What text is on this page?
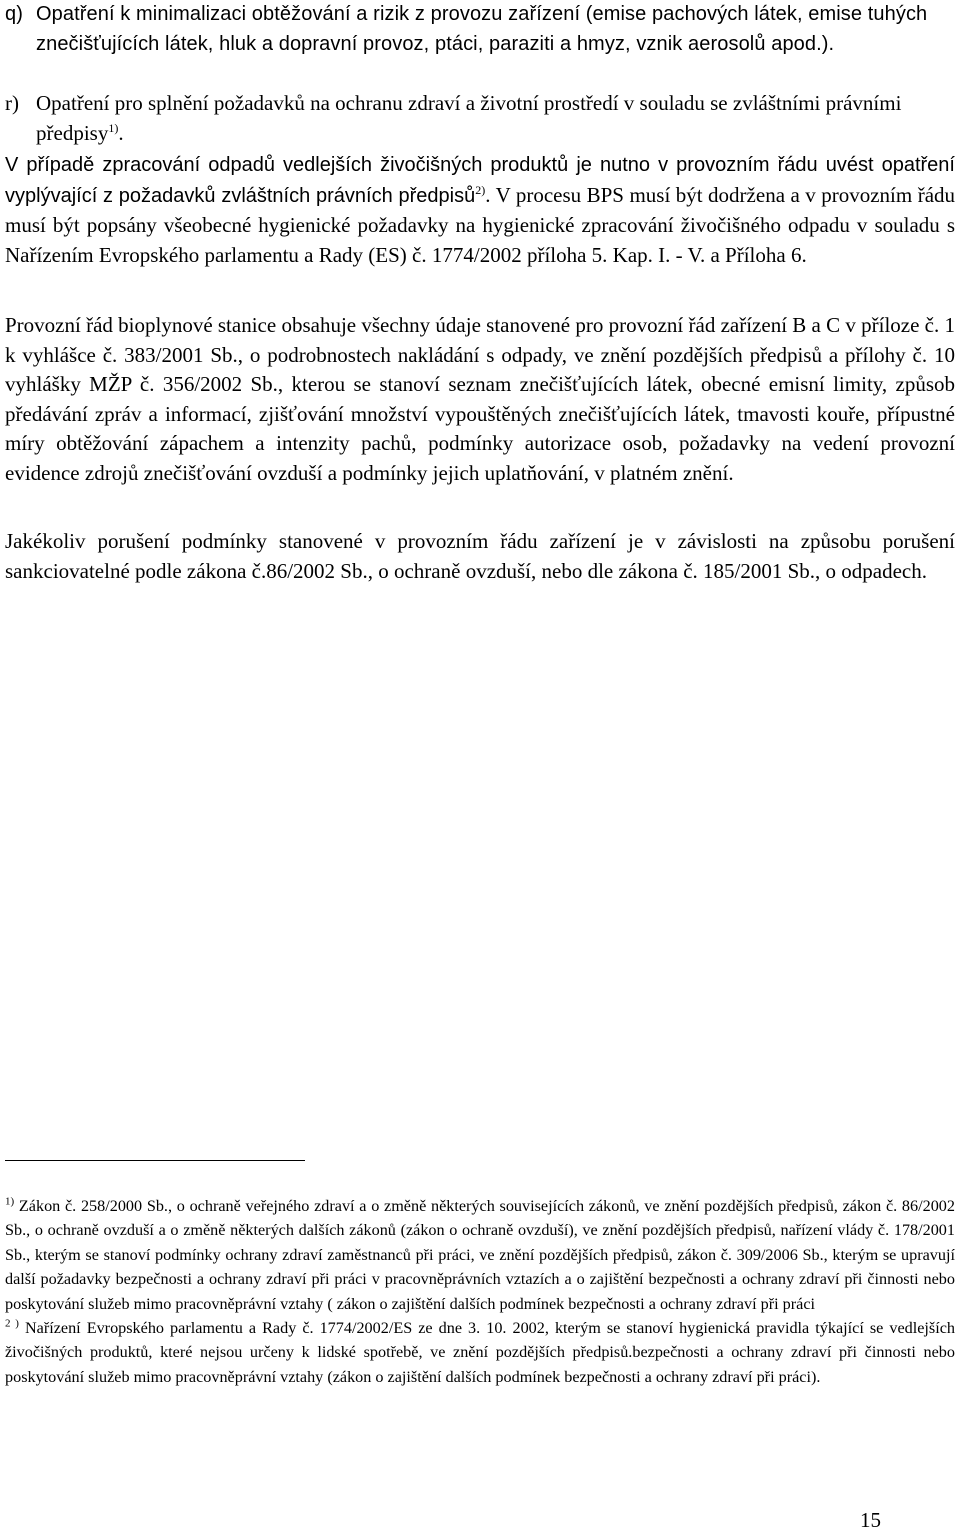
q) Opatření k minimalizaci obtěžování a rizik z provozu zařízení (emise pachových látek, emise tuhých znečišťujících látek, hluk a dopravní provoz, ptáci, paraziti a hmyz, vznik aerosolů apod.).
r) Opatření pro splnění požadavků na ochranu zdraví a životní prostředí v souladu se zvláštními právními předpisy$^{1)}$.
V případě zpracování odpadů vedlejších živočišných produktů je nutno v provozním řádu uvést opatření vyplývající z požadavků zvláštních právních předpisů$^{2)}$. V procesu BPS musí být dodržena a v provozním řádu musí být popsány všeobecné hygienické požadavky na hygienické zpracování živočišného odpadu v souladu s Nařízením Evropského parlamentu a Rady (ES) č. 1774/2002 příloha 5. Kap. I. - V. a Příloha 6.
Provozní řád bioplynové stanice obsahuje všechny údaje stanovené pro provozní řád zařízení B a C v příloze č. 1 k vyhlášce č. 383/2001 Sb., o podrobnostech nakládání s odpady, ve znění pozdějších předpisů a přílohy č. 10 vyhlášky MŽP č. 356/2002 Sb., kterou se stanoví seznam znečišťujících látek, obecné emisní limity, způsob předávání zpráv a informací, zjišťování množství vypouštěných znečišťujících látek, tmavosti kouře, přípustné míry obtěžování zápachem a intenzity pachů, podmínky autorizace osob, požadavky na vedení provozní evidence zdrojů znečišťování ovzduší a podmínky jejich uplatňování, v platném znění.
Jakékoliv porušení podmínky stanovené v provozním řádu zařízení je v závislosti na způsobu porušení sankciovatelné podle zákona č.86/2002 Sb., o ochraně ovzduší, nebo dle zákona č. 185/2001 Sb., o odpadech.

$^{1)}$ Zákon č. 258/2000 Sb., o ochraně veřejného zdraví a o změně některých souvisejících zákonů, ve znění pozdějších předpisů, zákon č. 86/2002 Sb., o ochraně ovzduší a o změně některých dalších zákonů (zákon o ochraně ovzduší), ve znění pozdějších předpisů, nařízení vlády č. 178/2001 Sb., kterým se stanoví podmínky ochrany zdraví zaměstnanců při práci, ve znění pozdějších předpisů, zákon č. 309/2006 Sb., kterým se upravují další požadavky bezpečnosti a ochrany zdraví při práci v pracovněprávních vztazích a o zajištění bezpečnosti a ochrany zdraví při činnosti nebo poskytování služeb mimo pracovněprávní vztahy ( zákon o zajištění dalších podmínek bezpečnosti a ochrany zdraví při práci

$^{2 )}$ Nařízení Evropského parlamentu a Rady č. 1774/2002/ES ze dne 3. 10. 2002, kterým se stanoví hygienická pravidla týkající se vedlejších živočišných produktů, které nejsou určeny k lidské spotřebě, ve znění pozdějších předpisů.bezpečnosti a ochrany zdraví při činnosti nebo poskytování služeb mimo pracovněprávní vztahy (zákon o zajištění dalších podmínek bezpečnosti a ochrany zdraví při práci).

15
